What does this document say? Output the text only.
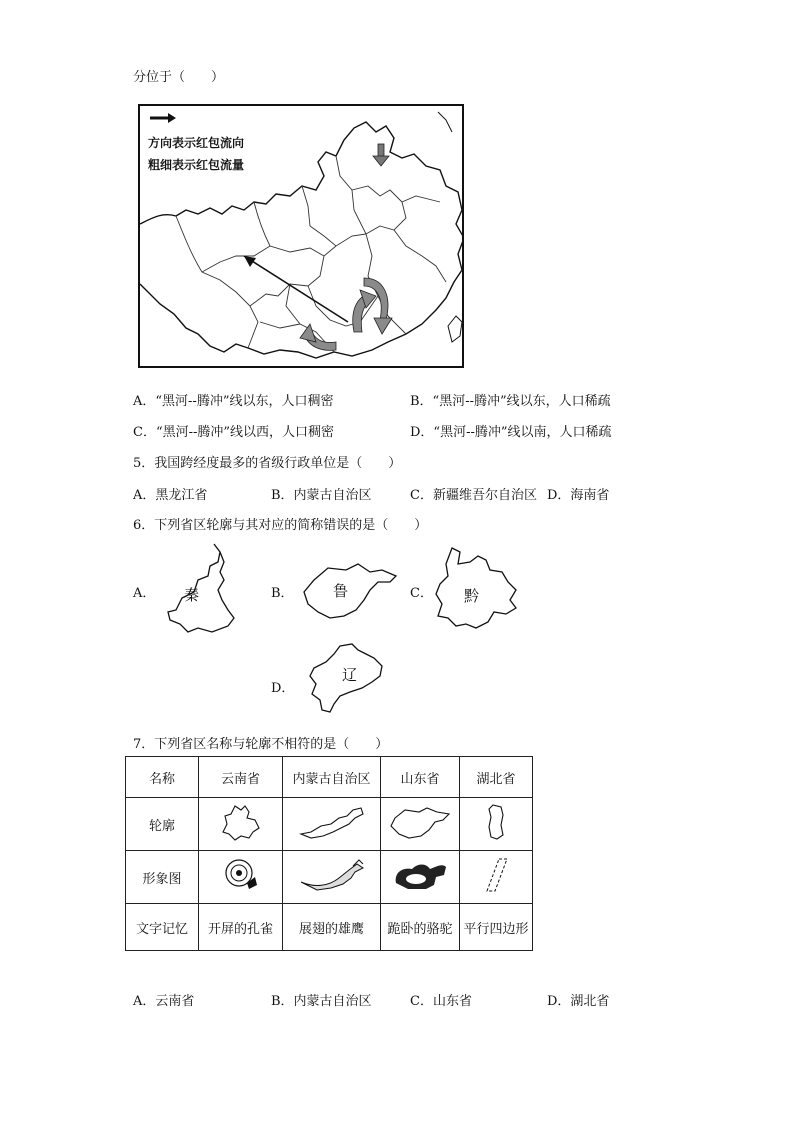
分位于（　　）
方向表示红包流向
粗细表示红包流量
A．“黑河--腾冲”线以东，人口稠密	B．“黑河--腾冲”线以东，人口稀疏
C．“黑河--腾冲”线以西，人口稠密	D．“黑河--腾冲”线以南，人口稀疏
5．我国跨经度最多的省级行政单位是（　　）
A．黑龙江省	B．内蒙古自治区	C．新疆维吾尔自治区 D．海南省
6．下列省区轮廓与其对应的简称错误的是（　　）
A． 秦	B．	鲁	C． 黔
D．
辽
7．下列省区名称与轮廓不相符的是（　　）
名称	云南省	内蒙古自治区	山东省	湖北省
轮廓				
形象图				
文字记忆	开屏的孔雀	展翅的雄鹰	跪卧的骆驼	平行四边形
A．云南省	B．内蒙古自治区	C．山东省	D．湖北省
